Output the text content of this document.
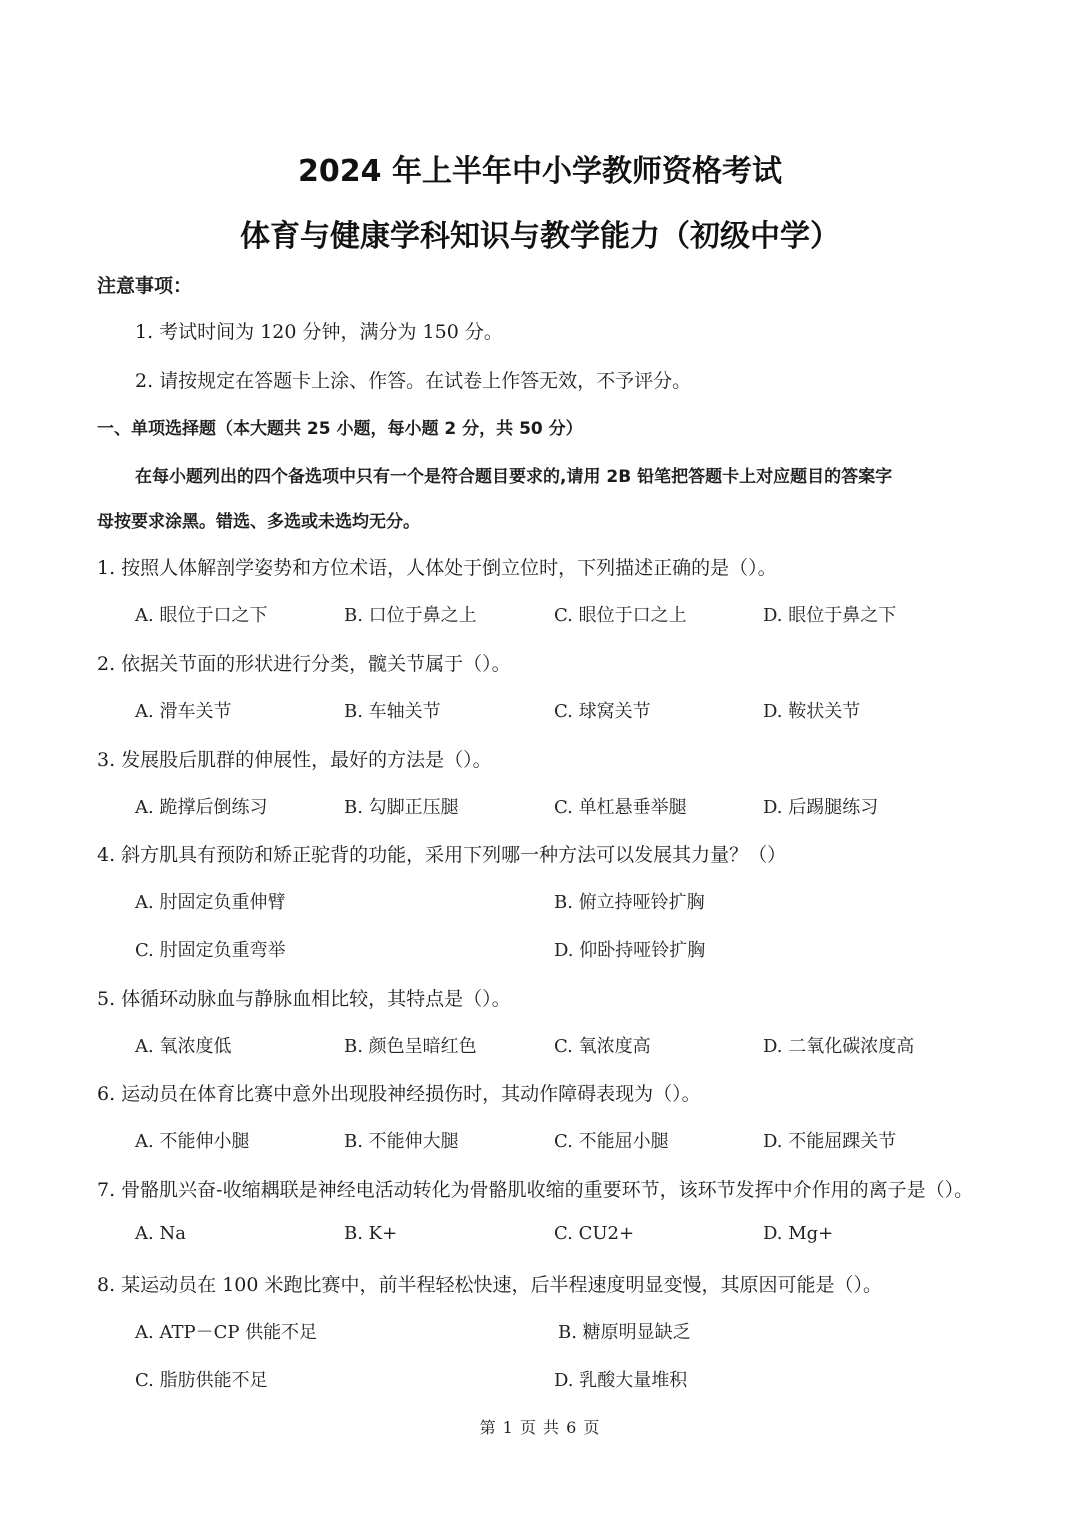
2024 年上半年中小学教师资格考试
体育与健康学科知识与教学能力（初级中学）
注意事项：
1. 考试时间为 120 分钟，满分为 150 分。
2. 请按规定在答题卡上涂、作答。在试卷上作答无效，不予评分。
一、单项选择题（本大题共 25 小题，每小题 2 分，共 50 分）
在每小题列出的四个备选项中只有一个是符合题目要求的,请用 2B 铅笔把答题卡上对应题目的答案字
母按要求涂黑。错选、多选或未选均无分。
1. 按照人体解剖学姿势和方位术语，人体处于倒立位时，下列描述正确的是（）。
A. 眼位于口之下	B. 口位于鼻之上	C. 眼位于口之上	D. 眼位于鼻之下
2. 依据关节面的形状进行分类，髋关节属于（）。
A. 滑车关节	B. 车轴关节	C. 球窝关节	D. 鞍状关节
3. 发展股后肌群的伸展性，最好的方法是（）。
A. 跪撑后倒练习	B. 勾脚正压腿	C. 单杠悬垂举腿	D. 后踢腿练习
4. 斜方肌具有预防和矫正驼背的功能，采用下列哪一种方法可以发展其力量？（）
A. 肘固定负重伸臂	B. 俯立持哑铃扩胸
C. 肘固定负重弯举	D. 仰卧持哑铃扩胸
5. 体循环动脉血与静脉血相比较，其特点是（）。
A. 氧浓度低	B. 颜色呈暗红色	C. 氧浓度高	D. 二氧化碳浓度高
6. 运动员在体育比赛中意外出现股神经损伤时，其动作障碍表现为（）。
A. 不能伸小腿	B. 不能伸大腿	C. 不能屈小腿	D. 不能屈踝关节
7. 骨骼肌兴奋-收缩耦联是神经电活动转化为骨骼肌收缩的重要环节，该环节发挥中介作用的离子是（）。
A. Na	B. K+	C. CU2+	D. Mg+
8. 某运动员在 100 米跑比赛中，前半程轻松快速，后半程速度明显变慢，其原因可能是（）。
A. ATP－CP 供能不足	B. 糖原明显缺乏
C. 脂肪供能不足	D. 乳酸大量堆积
第 1 页 共 6 页
